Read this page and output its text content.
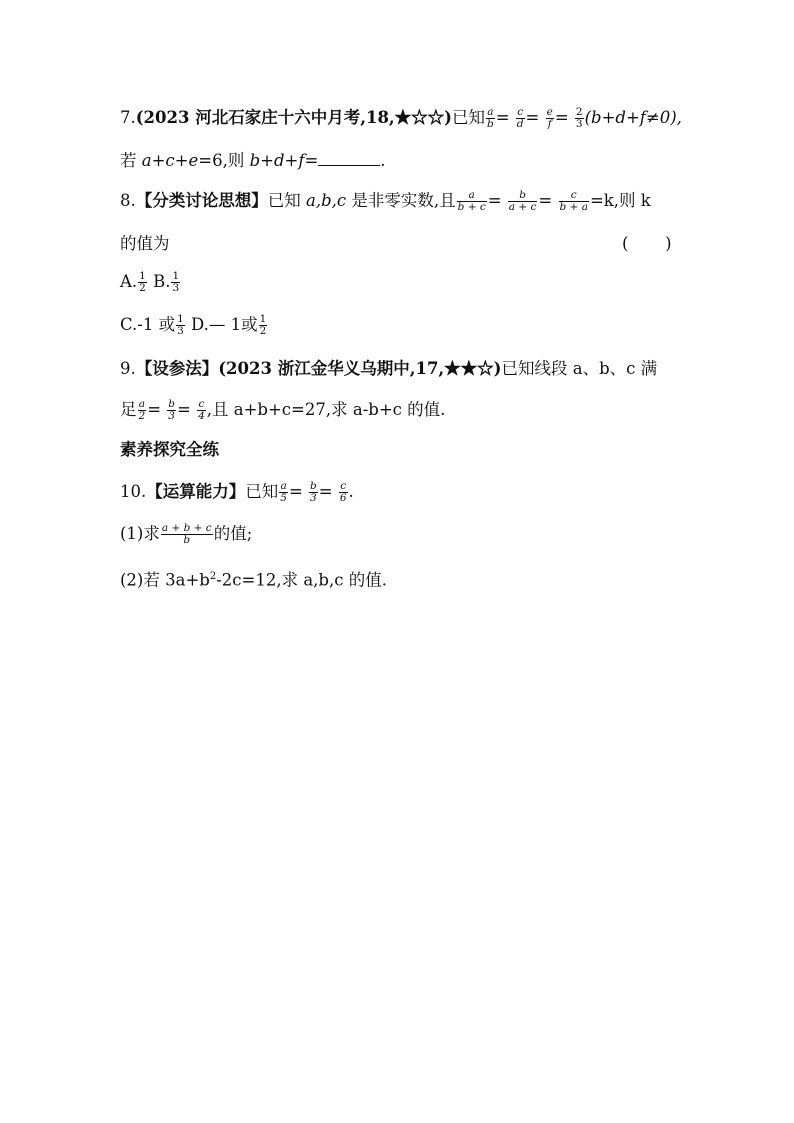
7.(2023 河北石家庄十六中月考,18,★☆☆)已知 $\frac{a}{b} = \frac{c}{d} = \frac{e}{f} = \frac{2}{3} (b+d+f\ne 0)$,
若 a+c+e=6,则 b+d+f=	.
8.【分类讨论思想】已知 a,b,c 是非零实数,且 $\frac{a}{b + c} = \frac{b}{a + c} = \frac{c}{b + a} =k$,则 k
的值为	(       )
A. $\frac{1}{2} B$. $\frac{1}{3}$
C.-1 或 $\frac{1}{3}$ D.— 1或 $\frac{1}{2}$
9.【设参法】(2023 浙江金华义乌期中,17,★★☆)已知线段 a、b、c 满
足 $\frac{a}{2} = \frac{b}{3} = \frac{c}{4}$ ,且 a+b+c=27,求 a-b+c 的值.
素养探究全练
10.【运算能力】已知 $\frac{a}{5} = \frac{b}{3} = \frac{c}{6}$ .
(1)求 $\frac{a + b + c}{b}$ 的值;
(2)若 $3a+b^2-2c=12$,求 a,b,c 的值.
